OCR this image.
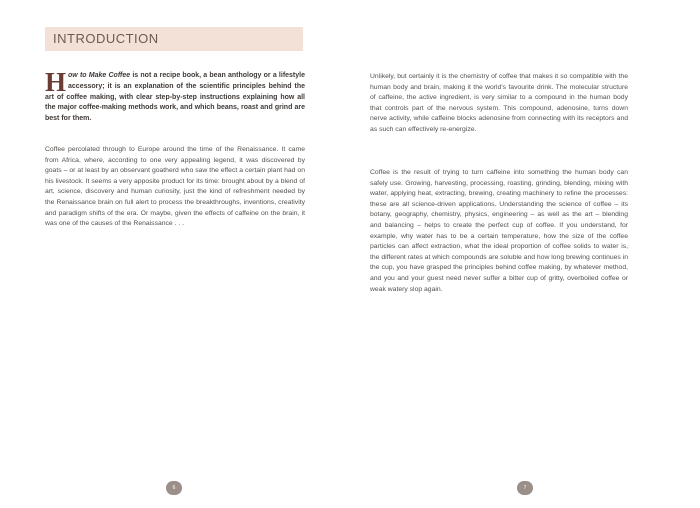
INTRODUCTION
How to Make Coffee is not a recipe book, a bean anthology or a lifestyle accessory; it is an explanation of the scientific principles behind the art of coffee making, with clear step-by-step instructions explaining how all the major coffee-making methods work, and which beans, roast and grind are best for them.
Coffee percolated through to Europe around the time of the Renaissance. It came from Africa, where, according to one very appealing legend, it was discovered by goats – or at least by an observant goatherd who saw the effect a certain plant had on his livestock. It seems a very apposite product for its time: brought about by a blend of art, science, discovery and human curiosity, just the kind of refreshment needed by the Renaissance brain on full alert to process the breakthroughs, inventions, creativity and paradigm shifts of the era. Or maybe, given the effects of caffeine on the brain, it was one of the causes of the Renaissance . . .
6
Unlikely, but certainly it is the chemistry of coffee that makes it so compatible with the human body and brain, making it the world's favourite drink. The molecular structure of caffeine, the active ingredient, is very similar to a compound in the human body that controls part of the nervous system. This compound, adenosine, turns down nerve activity, while caffeine blocks adenosine from connecting with its receptors and as such can effectively re-energize.
Coffee is the result of trying to turn caffeine into something the human body can safely use. Growing, harvesting, processing, roasting, grinding, blending, mixing with water, applying heat, extracting, brewing, creating machinery to refine the processes: these are all science-driven applications. Understanding the science of coffee – its botany, geography, chemistry, physics, engineering – as well as the art – blending and balancing – helps to create the perfect cup of coffee. If you understand, for example, why water has to be a certain temperature, how the size of the coffee particles can affect extraction, what the ideal proportion of coffee solids to water is, the different rates at which compounds are soluble and how long brewing continues in the cup, you have grasped the principles behind coffee making, by whatever method, and you and your guest need never suffer a bitter cup of gritty, overboiled coffee or weak watery slop again.
7
